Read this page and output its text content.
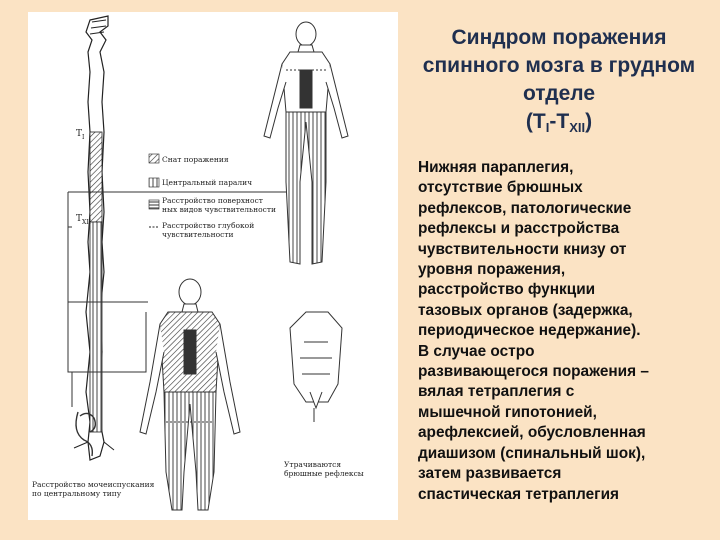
$T_I$
$T_{XII}$
Снат поражения
Центральный паралич
Расстройство поверхност
ных видов чувствительности
Расстройство глубокой
чувствительности
Утрачиваются
брюшные рефлексы
Расстройство мочеиспускания
по центральному типу
Синдром поражения
спинного мозга в грудном
отделе
$(T_I-T_{XII})$

Нижняя параплегия,

отсутствие брюшных

рефлексов, патологические

рефлексы и расстройства

чувствительности книзу от

уровня поражения,

расстройство функции

тазовых органов (задержка,

периодическое недержание).

В случае остро

развивающегося поражения –

вялая тетраплегия с

мышечной гипотонией,

арефлексией, обусловленная

диашизом (спинальный шок),

затем развивается

спастическая тетраплегия
